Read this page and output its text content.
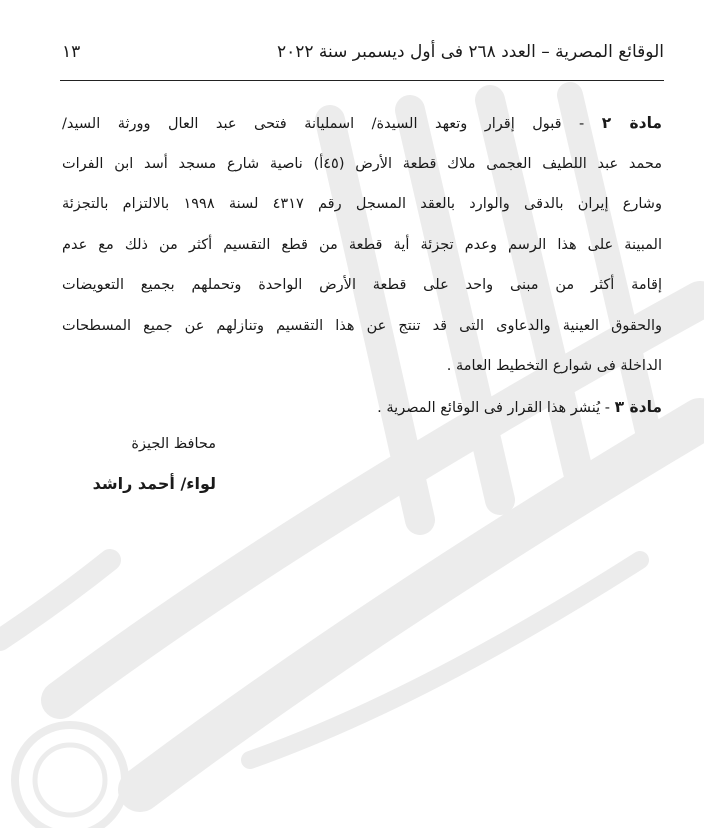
الوقائع المصرية – العدد ٢٦٨ فى أول ديسمبر سنة ٢٠٢٢
١٣
مادة ٢ - قبول إقرار وتعهد السيدة/ اسمليانة فتحى عبد العال وورثة السيد/
محمد عبد اللطيف العجمى ملاك قطعة الأرض (٤٥أ) ناصية شارع مسجد أسد ابن الفرات
وشارع إيران بالدقى والوارد بالعقد المسجل رقم ٤٣١٧ لسنة ١٩٩٨ بالالتزام بالتجزئة
المبينة على هذا الرسم وعدم تجزئة أية قطعة من قطع التقسيم أكثر من ذلك مع عدم
إقامة أكثر من مبنى واحد على قطعة الأرض الواحدة وتحملهم بجميع التعويضات
والحقوق العينية والدعاوى التى قد تنتج عن هذا التقسيم وتنازلهم عن جميع المسطحات
الداخلة فى شوارع التخطيط العامة .
مادة ٣ - يُنشر هذا القرار فى الوقائع المصرية .
محافظ الجيزة
لواء/ أحمد راشد
